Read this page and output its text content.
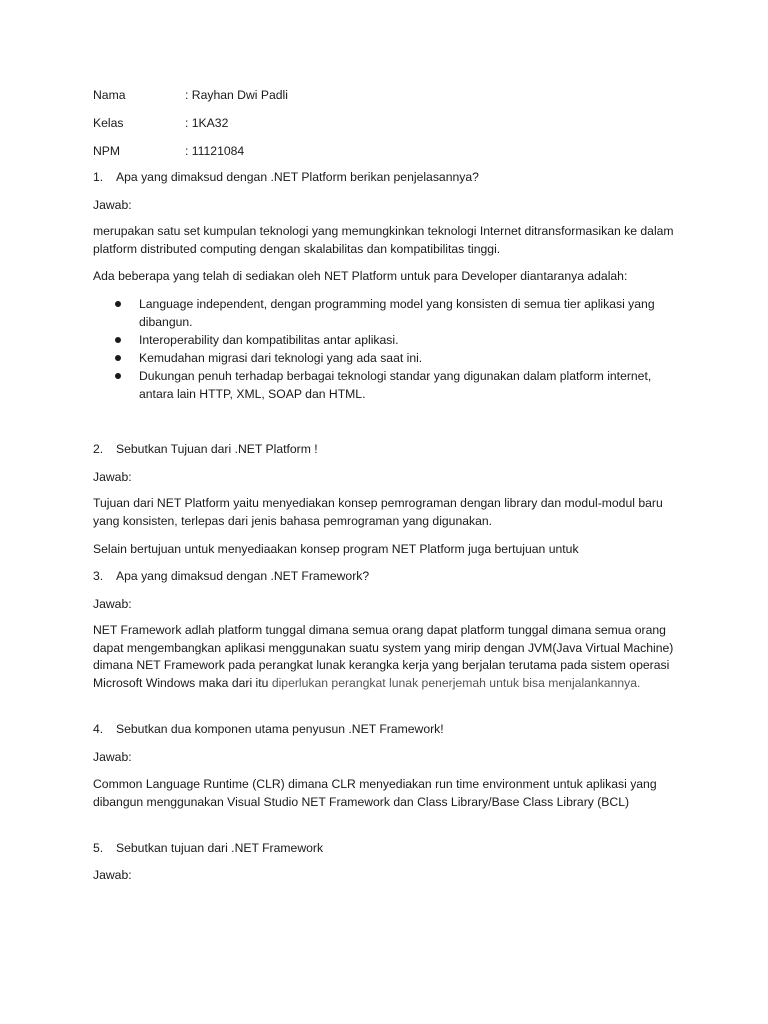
Nama	: Rayhan Dwi Padli
Kelas	: 1KA32
NPM	: 11121084
1. Apa yang dimaksud dengan .NET Platform berikan penjelasannya?
Jawab:
merupakan satu set kumpulan teknologi yang memungkinkan teknologi Internet ditransformasikan ke dalam platform distributed computing dengan skalabilitas dan kompatibilitas tinggi.
Ada beberapa yang telah di sediakan oleh NET Platform untuk para Developer diantaranya adalah:
Language independent, dengan programming model yang konsisten di semua tier aplikasi yang dibangun.
Interoperability dan kompatibilitas antar aplikasi.
Kemudahan migrasi dari teknologi yang ada saat ini.
Dukungan penuh terhadap berbagai teknologi standar yang digunakan dalam platform internet, antara lain HTTP, XML, SOAP dan HTML.
2. Sebutkan Tujuan dari .NET Platform !
Jawab:
Tujuan dari NET Platform yaitu menyediakan konsep pemrograman dengan library dan modul-modul baru yang konsisten, terlepas dari jenis bahasa pemrograman yang digunakan.
Selain bertujuan untuk menyediaakan konsep program NET Platform juga bertujuan untuk
3. Apa yang dimaksud dengan .NET Framework?
Jawab:
NET Framework adlah platform tunggal dimana semua orang dapat platform tunggal dimana semua orang dapat mengembangkan aplikasi menggunakan suatu system yang mirip dengan JVM(Java Virtual Machine) dimana NET Framework pada perangkat lunak kerangka kerja yang berjalan terutama pada sistem operasi Microsoft Windows maka dari itu diperlukan perangkat lunak penerjemah untuk bisa menjalankannya.
4. Sebutkan dua komponen utama penyusun .NET Framework!
Jawab:
Common Language Runtime (CLR) dimana CLR menyediakan run time environment untuk aplikasi yang dibangun menggunakan Visual Studio NET Framework dan Class Library/Base Class Library (BCL)
5. Sebutkan tujuan dari .NET Framework
Jawab:
